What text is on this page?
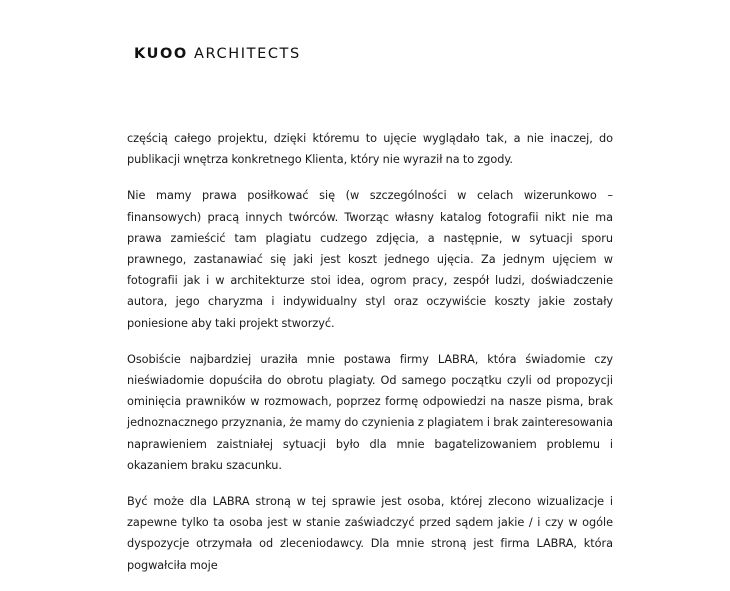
KUOO ARCHITECTS

częścią całego projektu, dzięki któremu to ujęcie wyglądało tak, a nie inaczej, do publikacji wnętrza konkretnego Klienta, który nie wyraził na to zgody.

Nie mamy prawa posiłkować się (w szczególności w celach wizerunkowo – finansowych) pracą innych twórców. Tworząc własny katalog fotografii nikt nie ma prawa zamieścić tam plagiatu cudzego zdjęcia, a następnie, w sytuacji sporu prawnego, zastanawiać się jaki jest koszt jednego ujęcia. Za jednym ujęciem w fotografii jak i w architekturze stoi idea, ogrom pracy, zespół ludzi, doświadczenie autora, jego charyzma i indywidualny styl oraz oczywiście koszty jakie zostały poniesione aby taki projekt stworzyć.

Osobiście najbardziej uraziła mnie postawa firmy LABRA, która świadomie czy nieświadomie dopuściła do obrotu plagiaty. Od samego początku czyli od propozycji ominięcia prawników w rozmowach, poprzez formę odpowiedzi na nasze pisma, brak jednoznacznego przyznania, że mamy do czynienia z plagiatem i brak zainteresowania naprawieniem zaistniałej sytuacji było dla mnie bagatelizowaniem problemu i okazaniem braku szacunku.

Być może dla LABRA stroną w tej sprawie jest osoba, której zlecono wizualizacje i zapewne tylko ta osoba jest w stanie zaświadczyć przed sądem jakie / i czy w ogóle dyspozycje otrzymała od zleceniodawcy. Dla mnie stroną jest firma LABRA, która pogwałciła moje
